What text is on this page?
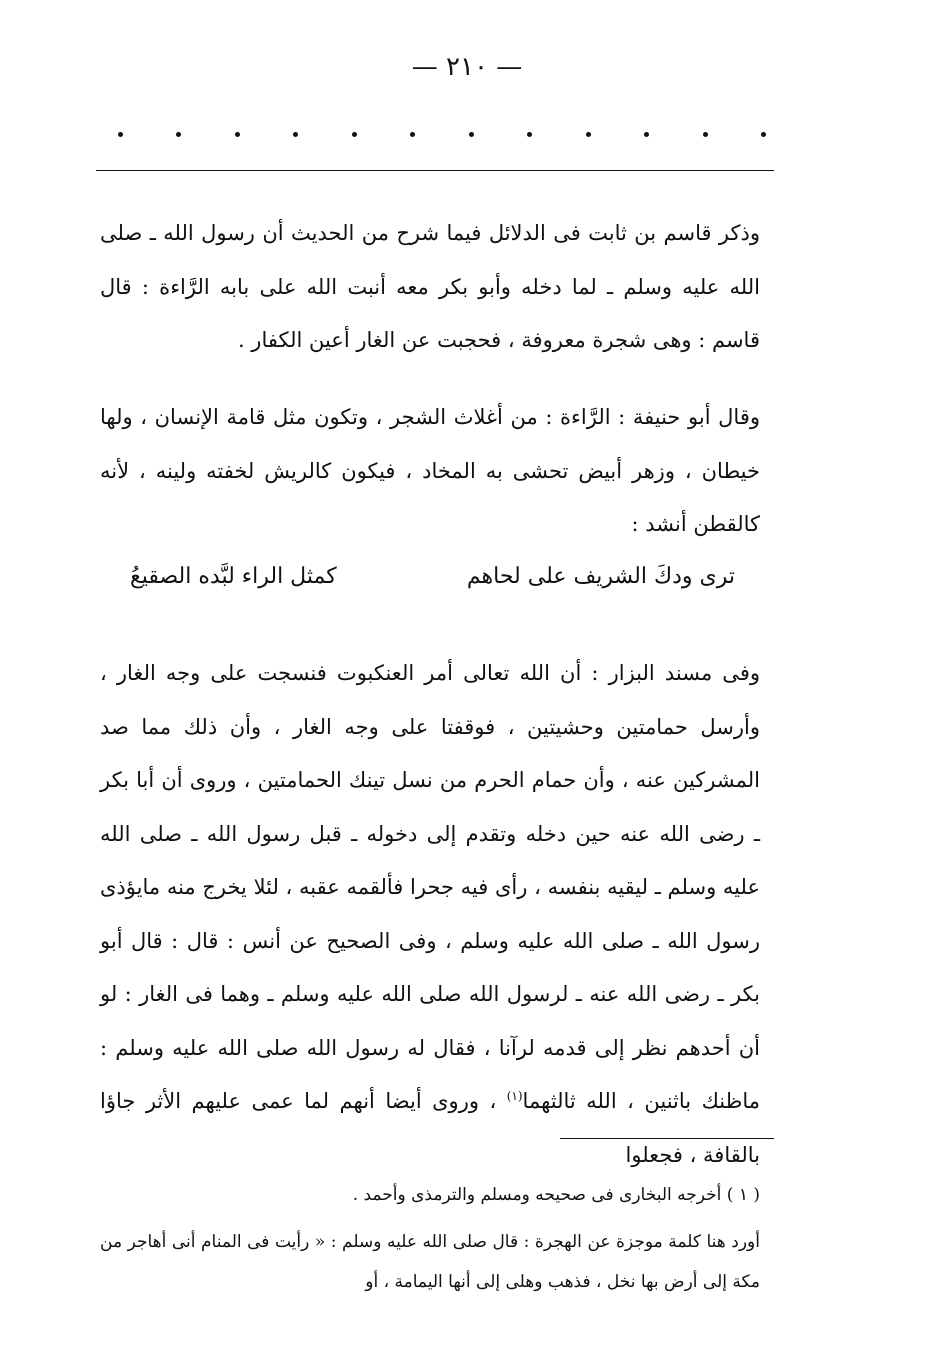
— ٢١٠ —

وذكر قاسم بن ثابت فى الدلائل فيما شرح من الحديث أن رسول الله ـ صلى الله عليه وسلم ـ لما دخله وأبو بكر معه أنبت الله على بابه الرَّاءة : قال قاسم : وهى شجرة معروفة ، فحجبت عن الغار أعين الكفار .

وقال أبو حنيفة : الرَّاءة : من أغلاث الشجر ، وتكون مثل قامة الإنسان ، ولها خيطان ، وزهر أبيض تحشى به المخاد ، فيكون كالريش لخفته ولينه ، لأنه كالقطن أنشد :

ترى ودكَ الشريف على لحاهم
كمثل الراء لبَّده الصقيعُ

وفى مسند البزار : أن الله تعالى أمر العنكبوت فنسجت على وجه الغار ، وأرسل حمامتين وحشيتين ، فوقفتا على وجه الغار ، وأن ذلك مما صد المشركين عنه ، وأن حمام الحرم من نسل تينك الحمامتين ، وروى أن أبا بكر ـ رضى الله عنه حين دخله وتقدم إلى دخوله ـ قبل رسول الله ـ صلى الله عليه وسلم ـ ليقيه بنفسه ، رأى فيه جحرا فألقمه عقبه ، لئلا يخرج منه مايؤذى رسول الله ـ صلى الله عليه وسلم ، وفى الصحيح عن أنس : قال : قال أبو بكر ـ رضى الله عنه ـ لرسول الله صلى الله عليه وسلم ـ وهما فى الغار : لو أن أحدهم نظر إلى قدمه لرآنا ، فقال له رسول الله صلى الله عليه وسلم : ماظنك باثنين ، الله ثالثهما$^{(١)}$ ، وروى أيضا أنهم لما عمى عليهم الأثر جاؤا بالقافة ، فجعلوا

( ١ ) أخرجه البخارى فى صحيحه ومسلم والترمذى وأحمد .

أورد هنا كلمة موجزة عن الهجرة : قال صلى الله عليه وسلم : « رأيت فى المنام أنى أهاجر من مكة إلى أرض بها نخل ، فذهب وهلى إلى أنها اليمامة ، أو
